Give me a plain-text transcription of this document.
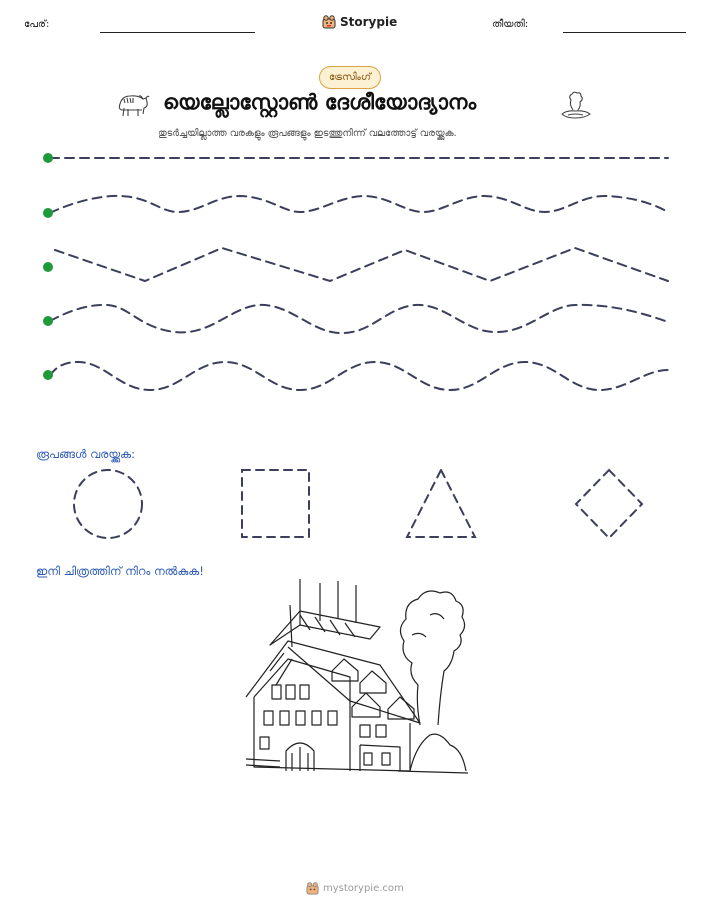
പേര്:	Storypie	തീയതി:
ട്രേസിംഗ്
യെല്ലോസ്റ്റോൺ ദേശീയോദ്യാനം
തുടർച്ചയില്ലാത്ത വരകളും രൂപങ്ങളും ഇടത്തുനിന്ന് വലത്തോട്ട് വരയ്ക്കുക.
രൂപങ്ങൾ വരയ്ക്കുക:
ഇനി ചിത്രത്തിന് നിറം നൽകുക!
mystorypie.com
